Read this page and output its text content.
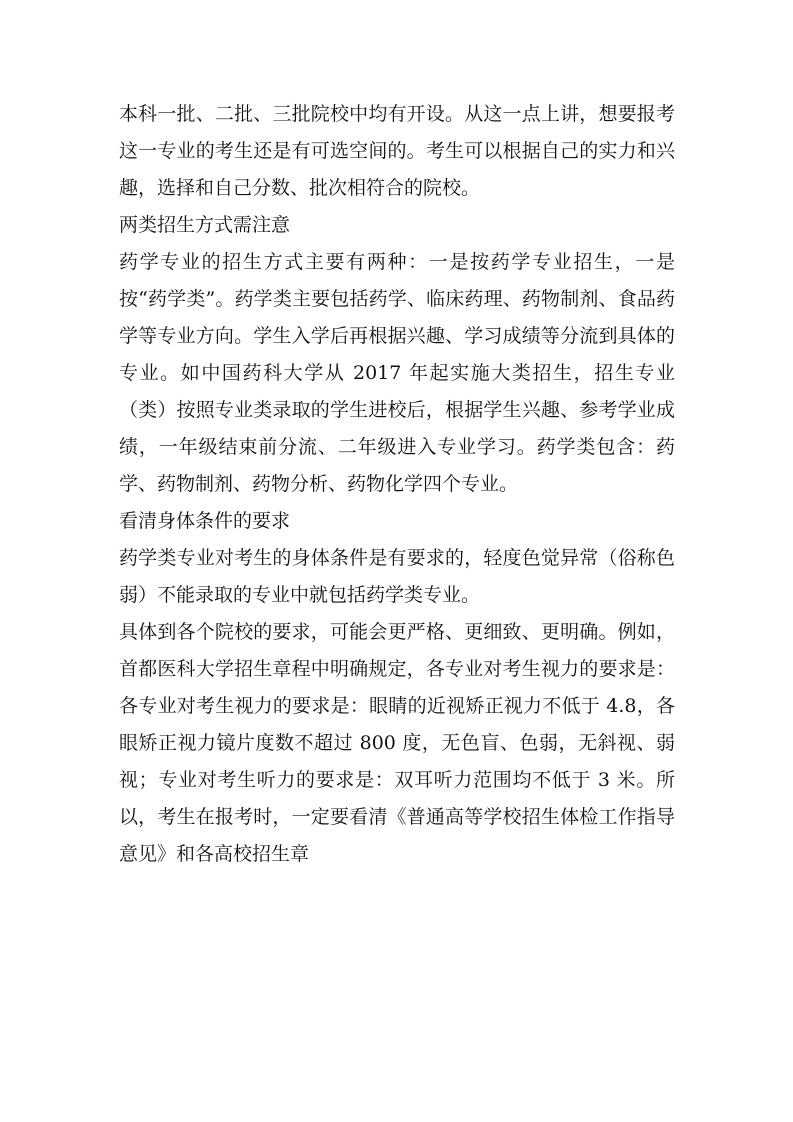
本科一批、二批、三批院校中均有开设。从这一点上讲，想要报考这一专业的考生还是有可选空间的。考生可以根据自己的实力和兴趣，选择和自己分数、批次相符合的院校。

两类招生方式需注意

药学专业的招生方式主要有两种：一是按药学专业招生，一是按“药学类”。药学类主要包括药学、临床药理、药物制剂、食品药学等专业方向。学生入学后再根据兴趣、学习成绩等分流到具体的专业。如中国药科大学从 2017 年起实施大类招生，招生专业（类）按照专业类录取的学生进校后，根据学生兴趣、参考学业成绩，一年级结束前分流、二年级进入专业学习。药学类包含：药学、药物制剂、药物分析、药物化学四个专业。

看清身体条件的要求

药学类专业对考生的身体条件是有要求的，轻度色觉异常（俗称色弱）不能录取的专业中就包括药学类专业。

具体到各个院校的要求，可能会更严格、更细致、更明确。例如，首都医科大学招生章程中明确规定，各专业对考生视力的要求是：各专业对考生视力的要求是：眼睛的近视矫正视力不低于 4.8，各眼矫正视力镜片度数不超过 800 度，无色盲、色弱，无斜视、弱视；专业对考生听力的要求是：双耳听力范围均不低于 3 米。所以，考生在报考时，一定要看清《普通高等学校招生体检工作指导意见》和各高校招生章
